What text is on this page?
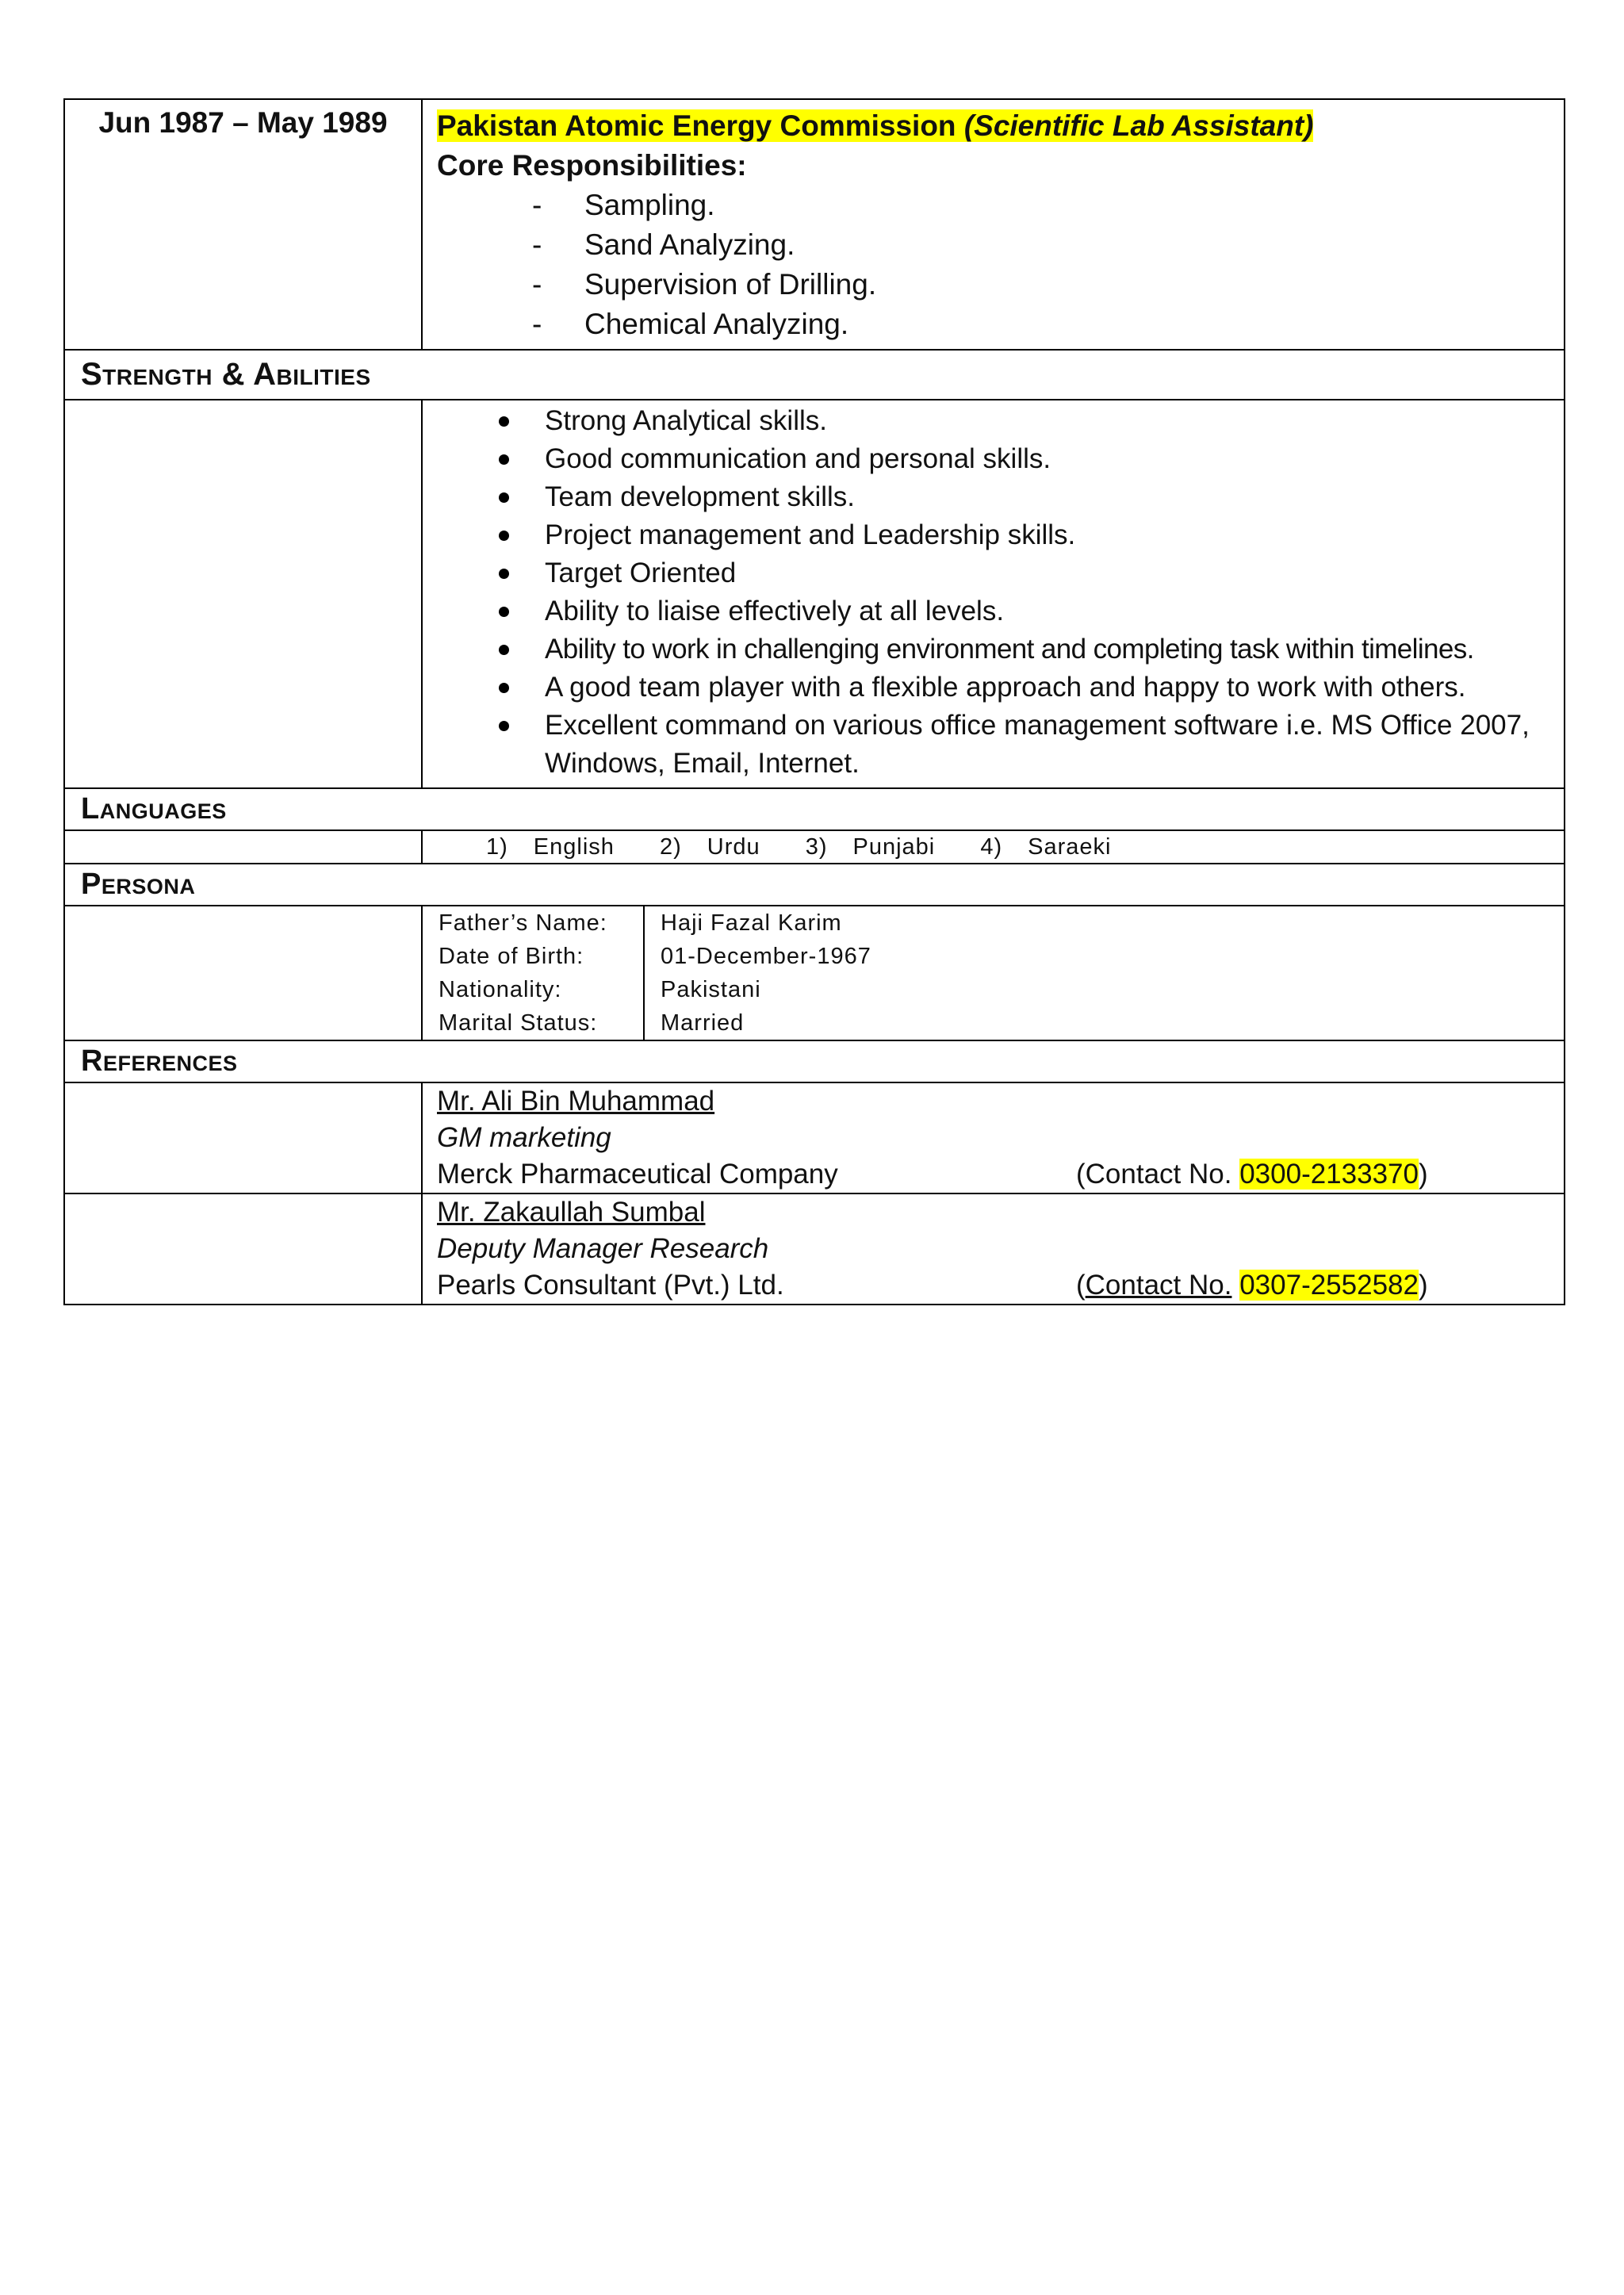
Jun 1987 – May 1989	Pakistan Atomic Energy Commission (Scientific Lab Assistant)
Core Responsibilities:
- Sampling.
- Sand Analyzing.
- Supervision of Drilling.
- Chemical Analyzing.

Strength & Abilities

Strong Analytical skills.
Good communication and personal skills.
Team development skills.
Project management and Leadership skills.
Target Oriented
Ability to liaise effectively at all levels.
Ability to work in challenging environment and completing task within timelines.
A good team player with a flexible approach and happy to work with others.
Excellent command on various office management software i.e. MS Office 2007, Windows, Email, Internet.

Languages
	1) English 2) Urdu 3) Punjabi 4) Saraeki
Persona

Father’s Name:	Haji Fazal Karim
Date of Birth:	01-December-1967
Nationality:	Pakistani
Marital Status:	Married

References

Mr. Ali Bin Muhammad
GM marketing
Merck Pharmaceutical Company	(Contact No. 0300-2133370)

Mr. Zakaullah Sumbal
Deputy Manager Research
Pearls Consultant (Pvt.) Ltd.	(Contact No. 0307-2552582)
